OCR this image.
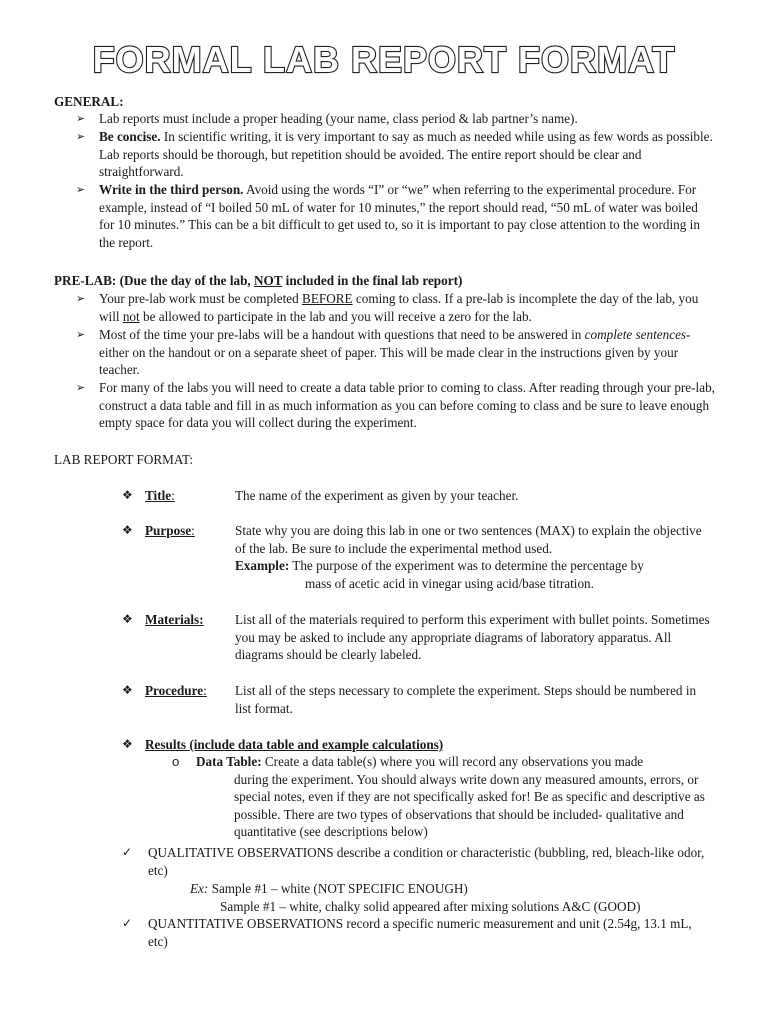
FORMAL LAB REPORT FORMAT
GENERAL:
➢	Lab reports must include a proper heading (your name, class period & lab partner’s name).
➢	Be concise. In scientific writing, it is very important to say as much as needed while using as few words as possible. Lab reports should be thorough, but repetition should be avoided. The entire report should be clear and straightforward.
➢	Write in the third person. Avoid using the words “I” or “we” when referring to the experimental procedure. For example, instead of “I boiled 50 mL of water for 10 minutes,” the report should read, “50 mL of water was boiled for 10 minutes.” This can be a bit difficult to get used to, so it is important to pay close attention to the wording in the report.
PRE-LAB: (Due the day of the lab, NOT included in the final lab report)
➢	Your pre-lab work must be completed BEFORE coming to class. If a pre-lab is incomplete the day of the lab, you will not be allowed to participate in the lab and you will receive a zero for the lab.
➢	Most of the time your pre-labs will be a handout with questions that need to be answered in complete sentences- either on the handout or on a separate sheet of paper. This will be made clear in the instructions given by your teacher.
➢	For many of the labs you will need to create a data table prior to coming to class. After reading through your pre-lab, construct a data table and fill in as much information as you can before coming to class and be sure to leave enough empty space for data you will collect during the experiment.
LAB REPORT FORMAT:
❖ Title:	The name of the experiment as given by your teacher.
❖ Purpose:	State why you are doing this lab in one or two sentences (MAX) to explain the objective of the lab. Be sure to include the experimental method used.
Example: The purpose of the experiment was to determine the percentage by
mass of acetic acid in vinegar using acid/base titration.
❖ Materials: List all of the materials required to perform this experiment with bullet points. Sometimes you may be asked to include any appropriate diagrams of laboratory apparatus. All diagrams should be clearly labeled.
❖ Procedure: List all of the steps necessary to complete the experiment. Steps should be numbered in list format.
❖ Results (include data table and example calculations)
o Data Table: Create a data table(s) where you will record any observations you made
during the experiment. You should always write down any measured amounts, errors, or special notes, even if they are not specifically asked for! Be as specific and descriptive as possible. There are two types of observations that should be included- qualitative and quantitative (see descriptions below)
✓ QUALITATIVE OBSERVATIONS describe a condition or characteristic (bubbling, red, bleach-like odor, etc)
Ex: Sample #1 – white (NOT SPECIFIC ENOUGH)
Sample #1 – white, chalky solid appeared after mixing solutions A&C (GOOD)
✓ QUANTITATIVE OBSERVATIONS record a specific numeric measurement and unit (2.54g, 13.1 mL, etc)
